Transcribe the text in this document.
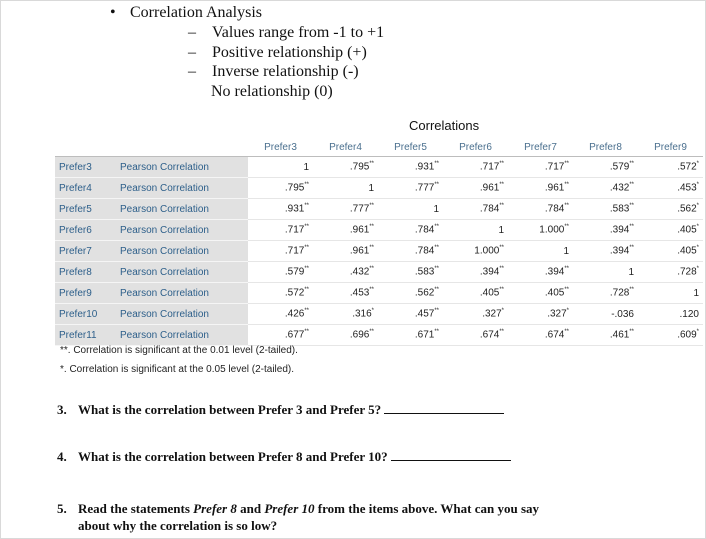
• Correlation Analysis
– Values range from -1 to +1
– Positive relationship (+)
– Inverse relationship (-)
No relationship (0)
Correlations
		Prefer3	Prefer4	Prefer5	Prefer6	Prefer7	Prefer8	Prefer9
Prefer3	Pearson Correlation	1	.795**	.931**	.717**	.717**	.579**	.572*
Prefer4	Pearson Correlation	.795**	1	.777**	.961**	.961**	.432**	.453*
Prefer5	Pearson Correlation	.931**	.777**	1	.784**	.784**	.583**	.562*
Prefer6	Pearson Correlation	.717**	.961**	.784**	1	1.000**	.394**	.405*
Prefer7	Pearson Correlation	.717**	.961**	.784**	1.000**	1	.394**	.405*
Prefer8	Pearson Correlation	.579**	.432**	.583**	.394**	.394**	1	.728*
Prefer9	Pearson Correlation	.572**	.453**	.562**	.405**	.405**	.728**	1
Prefer10	Pearson Correlation	.426**	.316*	.457**	.327*	.327*	-.036	.120
Prefer11	Pearson Correlation	.677**	.696**	.671**	.674**	.674**	.461**	.609*
**. Correlation is significant at the 0.01 level (2-tailed).
*. Correlation is significant at the 0.05 level (2-tailed).
3. What is the correlation between Prefer 3 and Prefer 5?
4. What is the correlation between Prefer 8 and Prefer 10?
5. Read the statements Prefer 8 and Prefer 10 from the items above. What can you say
about why the correlation is so low?
